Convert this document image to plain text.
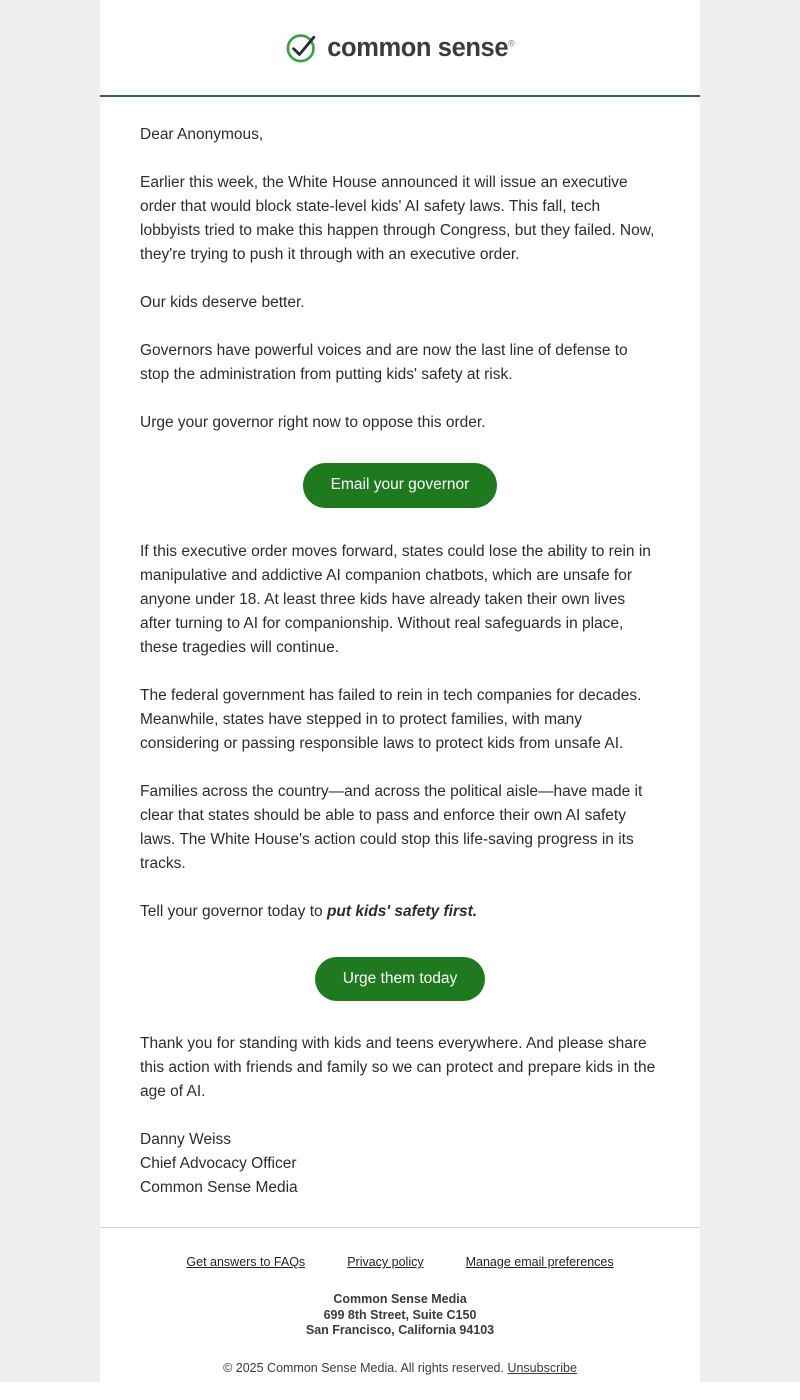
common sense®

Dear Anonymous,

Earlier this week, the White House announced it will issue an executive order that would block state-level kids' AI safety laws. This fall, tech lobbyists tried to make this happen through Congress, but they failed. Now, they're trying to push it through with an executive order.

Our kids deserve better.

Governors have powerful voices and are now the last line of defense to stop the administration from putting kids' safety at risk.

Urge your governor right now to oppose this order.

Email your governor

If this executive order moves forward, states could lose the ability to rein in manipulative and addictive AI companion chatbots, which are unsafe for anyone under 18. At least three kids have already taken their own lives after turning to AI for companionship. Without real safeguards in place, these tragedies will continue.

The federal government has failed to rein in tech companies for decades. Meanwhile, states have stepped in to protect families, with many considering or passing responsible laws to protect kids from unsafe AI.

Families across the country—and across the political aisle—have made it clear that states should be able to pass and enforce their own AI safety laws. The White House's action could stop this life-saving progress in its tracks.

Tell your governor today to put kids' safety first.

Urge them today

Thank you for standing with kids and teens everywhere. And please share this action with friends and family so we can protect and prepare kids in the age of AI.

Danny Weiss

Chief Advocacy Officer

Common Sense Media

Get answers to FAQs	Privacy policy	Manage email preferences
Common Sense Media
699 8th Street, Suite C150
San Francisco, California 94103
© 2025 Common Sense Media. All rights reserved. Unsubscribe
